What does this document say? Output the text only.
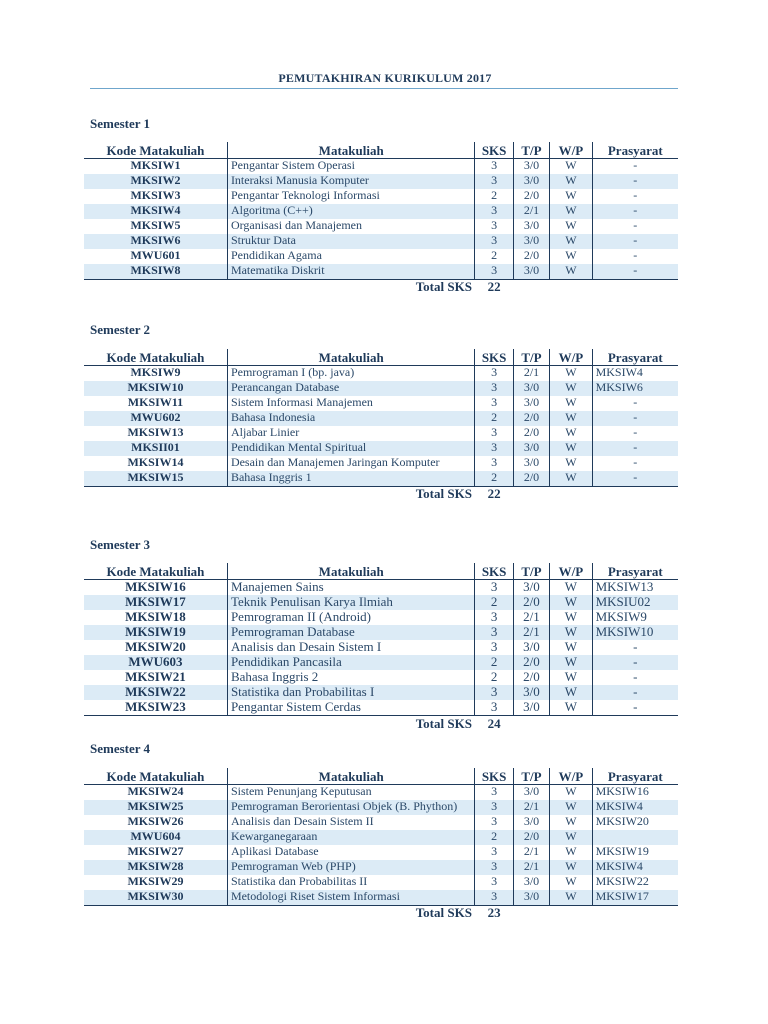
PEMUTAKHIRAN KURIKULUM 2017
Semester 1
Kode Matakuliah	Matakuliah	SKS	T/P	W/P	Prasyarat
MKSIW1	Pengantar Sistem Operasi	3	3/0	W	-
MKSIW2	Interaksi Manusia Komputer	3	3/0	W	-
MKSIW3	Pengantar Teknologi Informasi	2	2/0	W	-
MKSIW4	Algoritma (C++)	3	2/1	W	-
MKSIW5	Organisasi dan Manajemen	3	3/0	W	-
MKSIW6	Struktur Data	3	3/0	W	-
MWU601	Pendidikan Agama	2	2/0	W	-
MKSIW8	Matematika Diskrit	3	3/0	W	-
Total SKS		22			
Semester 2
Kode Matakuliah	Matakuliah	SKS	T/P	W/P	Prasyarat
MKSIW9	Pemrograman I (bp. java)	3	2/1	W	MKSIW4
MKSIW10	Perancangan Database	3	3/0	W	MKSIW6
MKSIW11	Sistem Informasi Manajemen	3	3/0	W	-
MWU602	Bahasa Indonesia	2	2/0	W	-
MKSIW13	Aljabar Linier	3	2/0	W	-
MKSII01	Pendidikan Mental Spiritual	3	3/0	W	-
MKSIW14	Desain dan Manajemen Jaringan Komputer	3	3/0	W	-
MKSIW15	Bahasa Inggris 1	2	2/0	W	-
Total SKS		22			
Semester 3
Kode Matakuliah	Matakuliah	SKS	T/P	W/P	Prasyarat
MKSIW16	Manajemen Sains	3	3/0	W	MKSIW13
MKSIW17	Teknik Penulisan Karya Ilmiah	2	2/0	W	MKSIU02
MKSIW18	Pemrograman II (Android)	3	2/1	W	MKSIW9
MKSIW19	Pemrograman Database	3	2/1	W	MKSIW10
MKSIW20	Analisis dan Desain Sistem I	3	3/0	W	-
MWU603	Pendidikan Pancasila	2	2/0	W	-
MKSIW21	Bahasa Inggris 2	2	2/0	W	-
MKSIW22	Statistika dan Probabilitas I	3	3/0	W	-
MKSIW23	Pengantar Sistem Cerdas	3	3/0	W	-
Total SKS		24			
Semester 4
Kode Matakuliah	Matakuliah	SKS	T/P	W/P	Prasyarat
MKSIW24	Sistem Penunjang Keputusan	3	3/0	W	MKSIW16
MKSIW25	Pemrograman Berorientasi Objek (B. Phython)	3	2/1	W	MKSIW4
MKSIW26	Analisis dan Desain Sistem II	3	3/0	W	MKSIW20
MWU604	Kewarganegaraan	2	2/0	W	
MKSIW27	Aplikasi Database	3	2/1	W	MKSIW19
MKSIW28	Pemrograman Web (PHP)	3	2/1	W	MKSIW4
MKSIW29	Statistika dan Probabilitas II	3	3/0	W	MKSIW22
MKSIW30	Metodologi Riset Sistem Informasi	3	3/0	W	MKSIW17
Total SKS		23			
